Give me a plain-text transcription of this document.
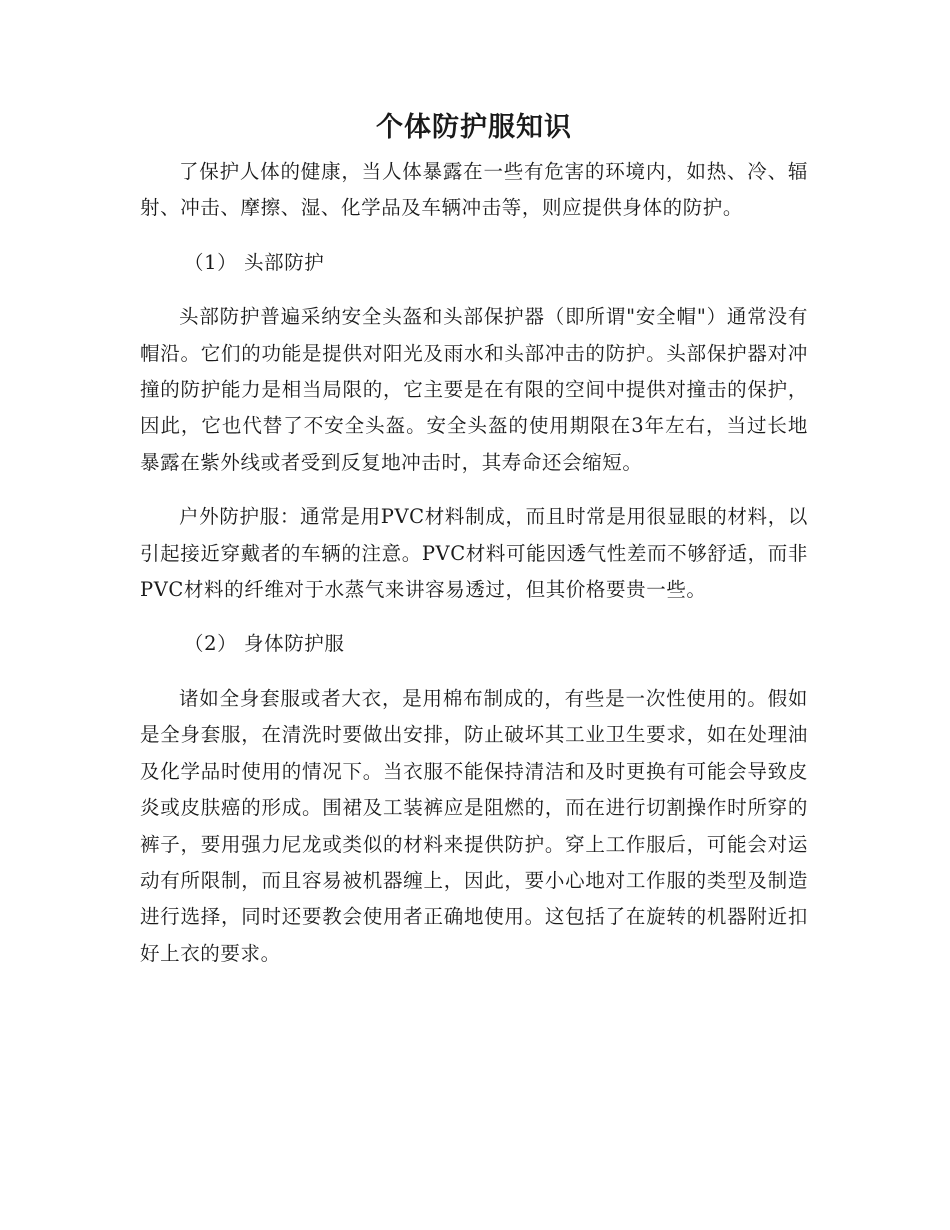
个体防护服知识

了保护人体的健康，当人体暴露在一些有危害的环境内，如热、冷、辐射、冲击、摩擦、湿、化学品及车辆冲击等，则应提供身体的防护。

（1） 头部防护

头部防护普遍采纳安全头盔和头部保护器（即所谓"安全帽"）通常没有帽沿。它们的功能是提供对阳光及雨水和头部冲击的防护。头部保护器对冲撞的防护能力是相当局限的，它主要是在有限的空间中提供对撞击的保护，因此，它也代替了不安全头盔。安全头盔的使用期限在3年左右，当过长地暴露在紫外线或者受到反复地冲击时，其寿命还会缩短。

户外防护服：通常是用PVC材料制成，而且时常是用很显眼的材料，以引起接近穿戴者的车辆的注意。PVC材料可能因透气性差而不够舒适，而非PVC材料的纤维对于水蒸气来讲容易透过，但其价格要贵一些。

（2） 身体防护服

诸如全身套服或者大衣，是用棉布制成的，有些是一次性使用的。假如是全身套服，在清洗时要做出安排，防止破坏其工业卫生要求，如在处理油及化学品时使用的情况下。当衣服不能保持清洁和及时更换有可能会导致皮炎或皮肤癌的形成。围裙及工装裤应是阻燃的，而在进行切割操作时所穿的裤子，要用强力尼龙或类似的材料来提供防护。穿上工作服后，可能会对运动有所限制，而且容易被机器缠上，因此，要小心地对工作服的类型及制造进行选择，同时还要教会使用者正确地使用。这包括了在旋转的机器附近扣好上衣的要求。
